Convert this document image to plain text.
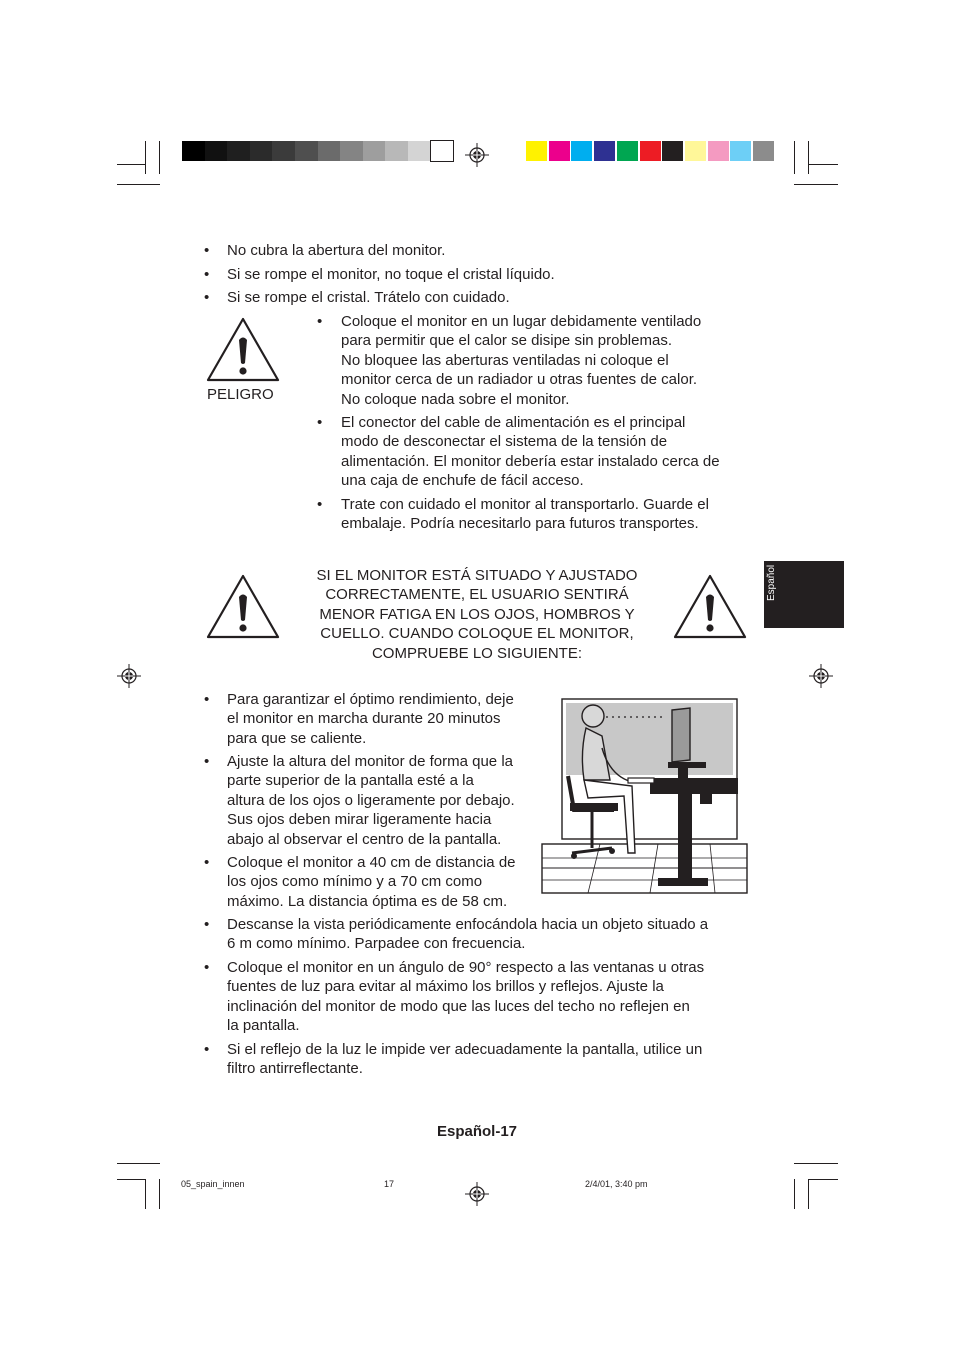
• No cubra la abertura del monitor.
• Si se rompe el monitor, no toque el cristal líquido.
• Si se rompe el cristal. Trátelo con cuidado.
PELIGRO
• Coloque el monitor en un lugar debidamente ventilado
para permitir que el calor se disipe sin problemas.
No bloquee las aberturas ventiladas ni coloque el
monitor cerca de un radiador u otras fuentes de calor.
No coloque nada sobre el monitor.
• El conector del cable de alimentación es el principal
modo de desconectar el sistema de la tensión de
alimentación. El monitor debería estar instalado cerca de
una caja de enchufe de fácil acceso.
• Trate con cuidado el monitor al transportarlo. Guarde el
embalaje. Podría necesitarlo para futuros transportes.
SI EL MONITOR ESTÁ SITUADO Y AJUSTADO
CORRECTAMENTE, EL USUARIO SENTIRÁ
MENOR FATIGA EN LOS OJOS, HOMBROS Y
CUELLO. CUANDO COLOQUE EL MONITOR,
COMPRUEBE LO SIGUIENTE:
Español
• Para garantizar el óptimo rendimiento, deje
el monitor en marcha durante 20 minutos
para que se caliente.
• Ajuste la altura del monitor de forma que la
parte superior de la pantalla esté a la
altura de los ojos o ligeramente por debajo.
Sus ojos deben mirar ligeramente hacia
abajo al observar el centro de la pantalla.
• Coloque el monitor a 40 cm de distancia de
los ojos como mínimo y a 70 cm como
máximo. La distancia óptima es de 58 cm.
• Descanse la vista periódicamente enfocándola hacia un objeto situado a
6 m como mínimo. Parpadee con frecuencia.
• Coloque el monitor en un ángulo de 90° respecto a las ventanas u otras
fuentes de luz para evitar al máximo los brillos y reflejos. Ajuste la
inclinación del monitor de modo que las luces del techo no reflejen en
la pantalla.
• Si el reflejo de la luz le impide ver adecuadamente la pantalla, utilice un
filtro antirreflectante.
Español-17
05_spain_innen	17	2/4/01, 3:40 pm
